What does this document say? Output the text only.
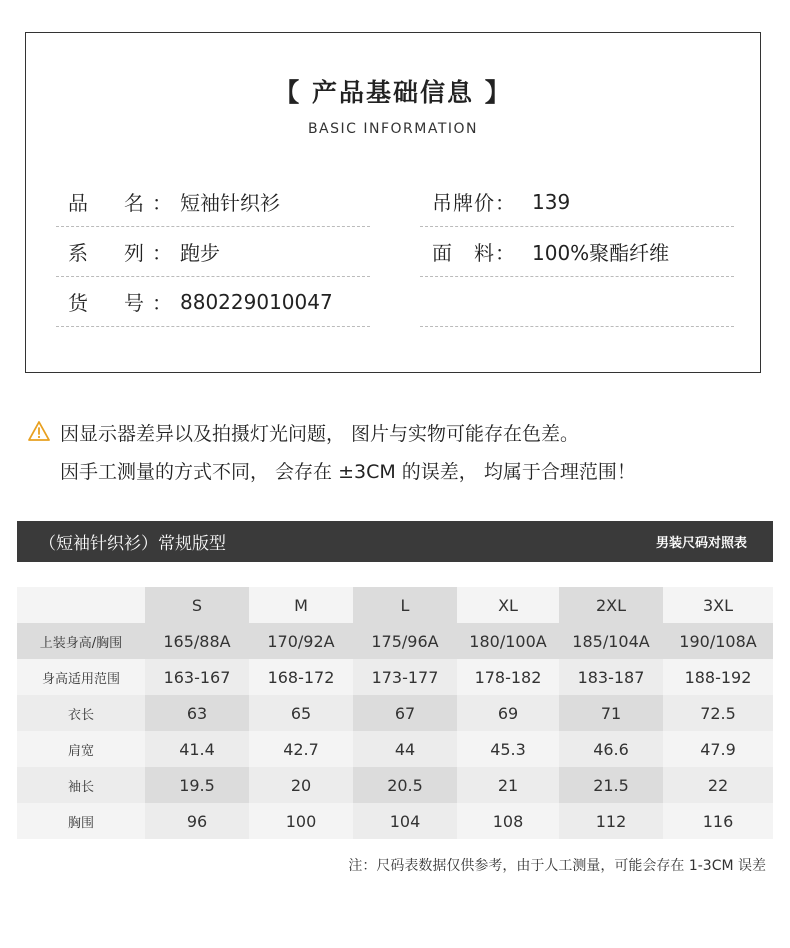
【 产品基础信息 】
BASIC INFORMATION
品　名： 短袖针织衫	吊牌价： 139
系　列： 跑步	面　料： 100%聚酯纤维
货　号： 880229010047
因显示器差异以及拍摄灯光问题， 图片与实物可能存在色差。
因手工测量的方式不同， 会存在 ±3CM 的误差， 均属于合理范围！
（短袖针织衫）常规版型	男装尺码对照表
	S	M	L	XL	2XL	3XL
上装身高/胸围	165/88A	170/92A	175/96A	180/100A	185/104A	190/108A
身高适用范围	163-167	168-172	173-177	178-182	183-187	188-192
衣长	63	65	67	69	71	72.5
肩宽	41.4	42.7	44	45.3	46.6	47.9
袖长	19.5	20	20.5	21	21.5	22
胸围	96	100	104	108	112	116
注：尺码表数据仅供参考，由于人工测量，可能会存在 1-3CM 误差
